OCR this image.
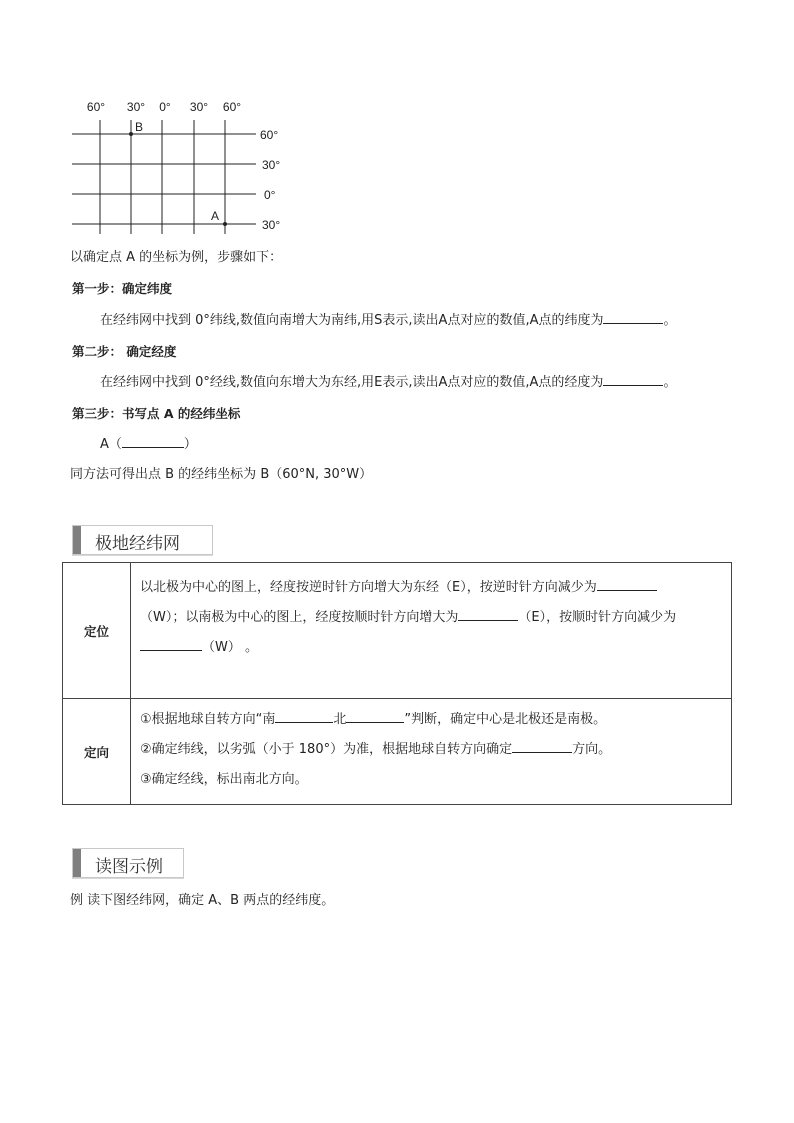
60° 30° 0° 30° 60°
60°
30°
0°
30°
B
A
以确定点 A 的坐标为例，步骤如下：
第一步：确定纬度
在经纬网中找到 0°纬线,数值向南增大为南纬,用S表示,读出A点对应的数值,A点的纬度为	。
第二步： 确定经度
在经纬网中找到 0°经线,数值向东增大为东经,用E表示,读出A点对应的数值,A点的经度为	。
第三步：书写点 A 的经纬坐标
A（	）
同方法可得出点 B 的经纬坐标为 B（60°N, 30°W）
极地经纬网
定位	以北极为中心的图上，经度按逆时针方向增大为东经（E），按逆时针方向减少为
（W）；以南极为中心的图上，经度按顺时针方向增大为 （E），按顺时针方向减少为
（W） 。

定向	①根据地球自转方向“南 北 ”判断，确定中心是北极还是南极。
②确定纬线，以劣弧（小于 180°）为准，根据地球自转方向确定 方向。
③确定经线，标出南北方向。
读图示例
例 读下图经纬网，确定 A、B 两点的经纬度。
